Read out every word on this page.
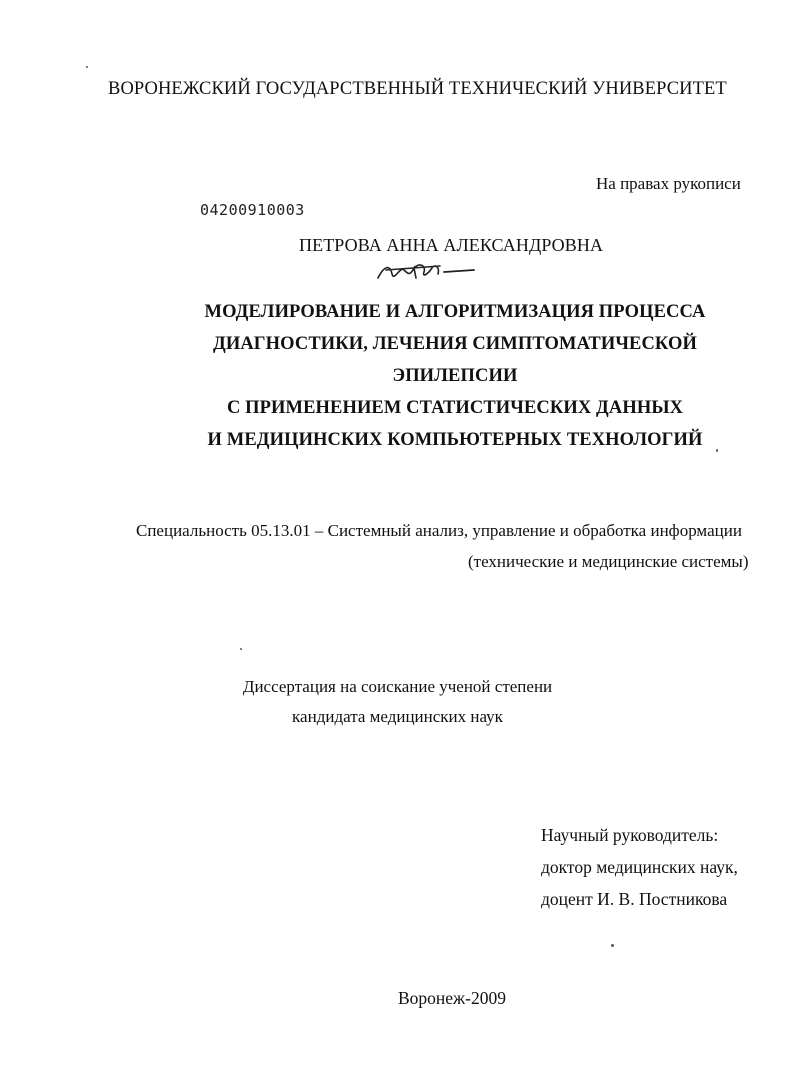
ВОРОНЕЖСКИЙ ГОСУДАРСТВЕННЫЙ ТЕХНИЧЕСКИЙ УНИВЕРСИТЕТ
На правах рукописи
04200910003
ПЕТРОВА АННА АЛЕКСАНДРОВНА
МОДЕЛИРОВАНИЕ И АЛГОРИТМИЗАЦИЯ ПРОЦЕССА
ДИАГНОСТИКИ, ЛЕЧЕНИЯ СИМПТОМАТИЧЕСКОЙ
ЭПИЛЕПСИИ
С ПРИМЕНЕНИЕМ СТАТИСТИЧЕСКИХ ДАННЫХ
И МЕДИЦИНСКИХ КОМПЬЮТЕРНЫХ ТЕХНОЛОГИЙ
Специальность 05.13.01 – Системный анализ, управление и обработка информации
(технические и медицинские системы)
Диссертация на соискание ученой степени
кандидата медицинских наук
Научный руководитель:
доктор медицинских наук,
доцент И. В. Постникова
Воронеж-2009
